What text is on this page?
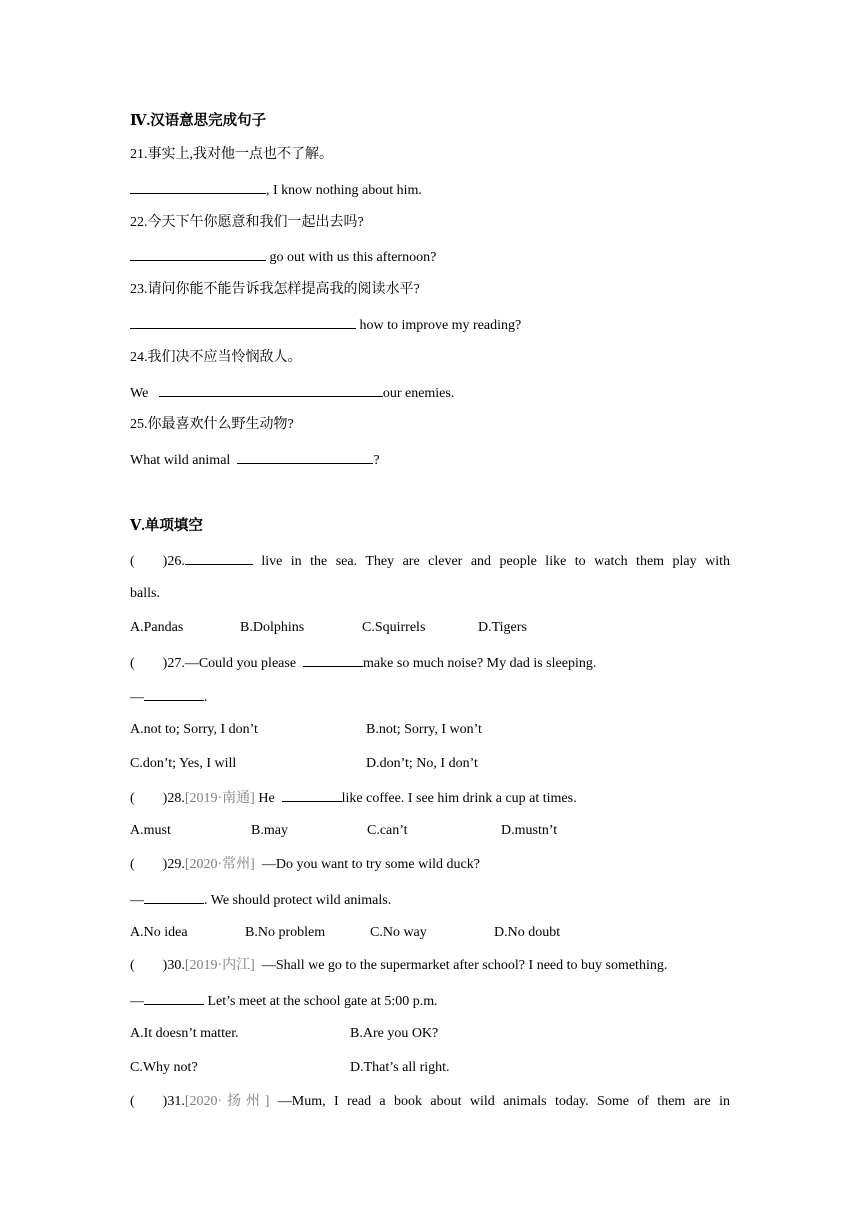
Ⅳ.汉语意思完成句子
21.事实上,我对他一点也不了解。
, I know nothing about him.
22.今天下午你愿意和我们一起出去吗?
go out with us this afternoon?
23.请问你能不能告诉我怎样提高我的阅读水平?
how to improve my reading?
24.我们决不应当怜悯敌人。
We	our enemies.
25.你最喜欢什么野生动物?
What wild animal	?
Ⅴ.单项填空
(        )26.	live in the sea. They are clever and people like to watch them play with
balls.
A.Pandas	B.Dolphins	C.Squirrels	D.Tigers
(        )27.—Could you please	make so much noise? My dad is sleeping.
—	.
A.not to; Sorry, I don’t	B.not; Sorry, I won’t
C.don’t; Yes, I will	D.don’t; No, I don’t
(        )28.[2019·南通] He	like coffee. I see him drink a cup at times.
A.must	B.may	C.can’t	D.mustn’t
(        )29.[2020·常州] —Do you want to try some wild duck?
—	. We should protect wild animals.
A.No idea	B.No problem	C.No way	D.No doubt
(        )30.[2019·内江] —Shall we go to the supermarket after school? I need to buy something.
—	Let’s meet at the school gate at 5:00 p.m.
A.It doesn’t matter.	B.Are you OK?
C.Why not?	D.That’s all right.
(        )31.[2020·扬州] —Mum, I read a book about wild animals today. Some of them are in
